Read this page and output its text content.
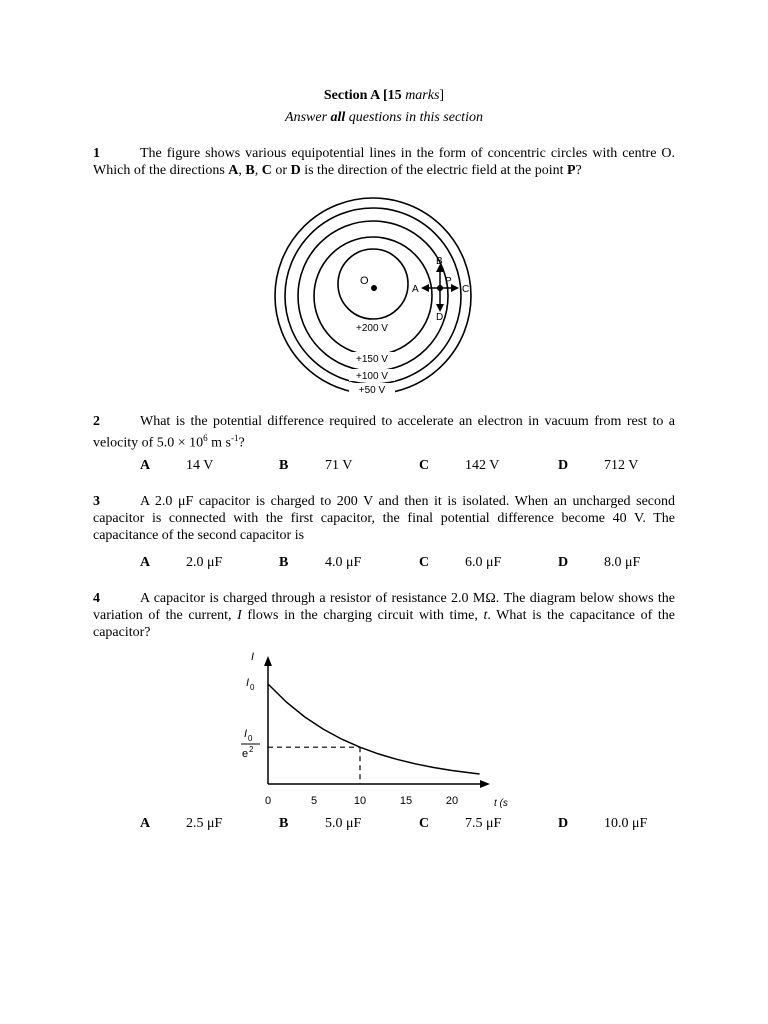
Section A [15 marks]
Answer all questions in this section
1	The figure shows various equipotential lines in the form of concentric circles with centre O. Which of the directions A, B, C or D is the direction of the electric field at the point P?
O
B
P
A	C
D
+200 V
+150 V
+100 V
+50 V
2	What is the potential difference required to accelerate an electron in vacuum from rest to a velocity of $5.0 \times 10^6$ m $s^{-1}$?
A	14 V	B	71 V	C	142 V	D	712 V
3	A 2.0 μF capacitor is charged to 200 V and then it is isolated. When an uncharged second capacitor is connected with the first capacitor, the final potential difference become 40 V. The capacitance of the second capacitor is
A	2.0 μF	B	4.0 μF	C	6.0 μF	D	8.0 μF
4	A capacitor is charged through a resistor of resistance 2.0 MΩ. The diagram below shows the variation of the current, I flows in the charging circuit with time, t. What is the capacitance of the capacitor?
I
t (s
I 0
I 0
e 2
0	5	10	15	20
A	2.5 μF	B	5.0 μF	C	7.5 μF	D	10.0 μF
